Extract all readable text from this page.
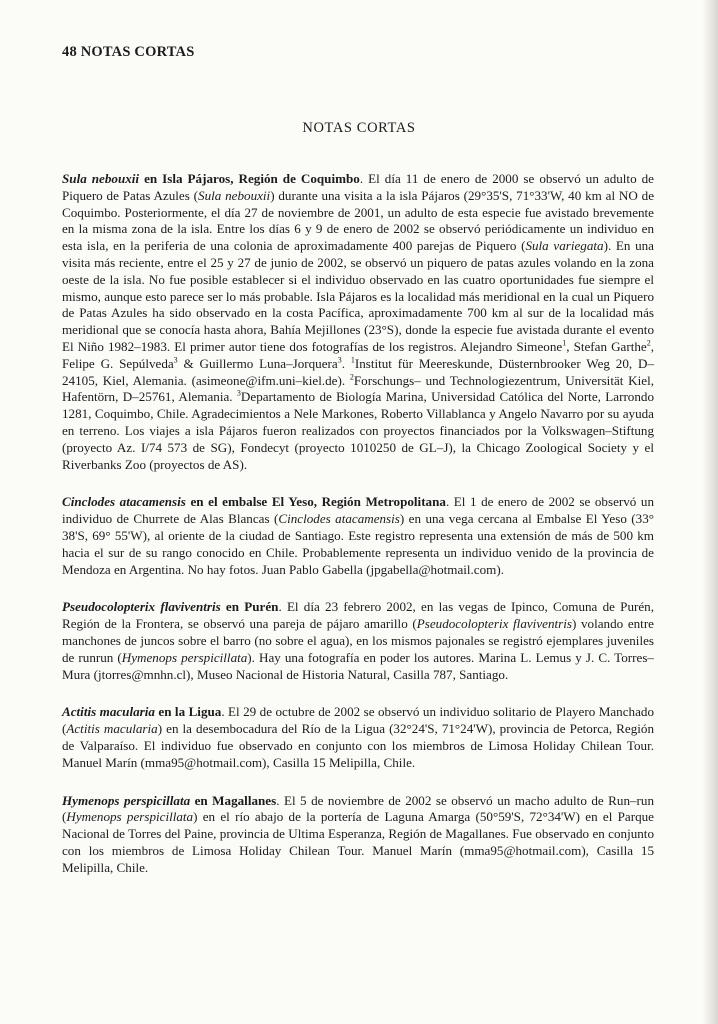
48 NOTAS CORTAS
NOTAS CORTAS

Sula nebouxii en Isla Pájaros, Región de Coquimbo. El día 11 de enero de 2000 se observó un adulto de Piquero de Patas Azules (Sula nebouxii) durante una visita a la isla Pájaros (29°35'S, 71°33'W, 40 km al NO de Coquimbo. Posteriormente, el día 27 de noviembre de 2001, un adulto de esta especie fue avistado brevemente en la misma zona de la isla. Entre los días 6 y 9 de enero de 2002 se observó periódicamente un individuo en esta isla, en la periferia de una colonia de aproximadamente 400 parejas de Piquero (Sula variegata). En una visita más reciente, entre el 25 y 27 de junio de 2002, se observó un piquero de patas azules volando en la zona oeste de la isla. No fue posible establecer si el individuo observado en las cuatro oportunidades fue siempre el mismo, aunque esto parece ser lo más probable. Isla Pájaros es la localidad más meridional en la cual un Piquero de Patas Azules ha sido observado en la costa Pacífica, aproximadamente 700 km al sur de la localidad más meridional que se conocía hasta ahora, Bahía Mejillones (23°S), donde la especie fue avistada durante el evento El Niño 1982–1983. El primer autor tiene dos fotografías de los registros. Alejandro Simeone$^1$, Stefan Garthe$^2$, Felipe G. Sepúlveda$^3$ & Guillermo Luna–Jorquera$^3$. $^1$Institut für Meereskunde, Düsternbrooker Weg 20, D–24105, Kiel, Alemania. (asimeone@ifm.uni–kiel.de). $^2$Forschungs– und Technologiezentrum, Universität Kiel, Hafentörn, D–25761, Alemania. $^3$Departamento de Biología Marina, Universidad Católica del Norte, Larrondo 1281, Coquimbo, Chile. Agradecimientos a Nele Markones, Roberto Villablanca y Angelo Navarro por su ayuda en terreno. Los viajes a isla Pájaros fueron realizados con proyectos financiados por la Volkswagen–Stiftung (proyecto Az. I/74 573 de SG), Fondecyt (proyecto 1010250 de GL–J), la Chicago Zoological Society y el Riverbanks Zoo (proyectos de AS).

Cinclodes atacamensis en el embalse El Yeso, Región Metropolitana. El 1 de enero de 2002 se observó un individuo de Churrete de Alas Blancas (Cinclodes atacamensis) en una vega cercana al Embalse El Yeso (33° 38'S, 69° 55'W), al oriente de la ciudad de Santiago. Este registro representa una extensión de más de 500 km hacia el sur de su rango conocido en Chile. Probablemente representa un individuo venido de la provincia de Mendoza en Argentina. No hay fotos. Juan Pablo Gabella (jpgabella@hotmail.com).

Pseudocolopterix flaviventris en Purén. El día 23 febrero 2002, en las vegas de Ipinco, Comuna de Purén, Región de la Frontera, se observó una pareja de pájaro amarillo (Pseudocolopterix flaviventris) volando entre manchones de juncos sobre el barro (no sobre el agua), en los mismos pajonales se registró ejemplares juveniles de runrun (Hymenops perspicillata). Hay una fotografía en poder los autores. Marina L. Lemus y J. C. Torres–Mura (jtorres@mnhn.cl), Museo Nacional de Historia Natural, Casilla 787, Santiago.

Actitis macularia en la Ligua. El 29 de octubre de 2002 se observó un individuo solitario de Playero Manchado (Actitis macularia) en la desembocadura del Río de la Ligua (32°24'S, 71°24'W), provincia de Petorca, Región de Valparaíso. El individuo fue observado en conjunto con los miembros de Limosa Holiday Chilean Tour. Manuel Marín (mma95@hotmail.com), Casilla 15 Melipilla, Chile.

Hymenops perspicillata en Magallanes. El 5 de noviembre de 2002 se observó un macho adulto de Run–run (Hymenops perspicillata) en el río abajo de la portería de Laguna Amarga (50°59'S, 72°34'W) en el Parque Nacional de Torres del Paine, provincia de Ultima Esperanza, Región de Magallanes. Fue observado en conjunto con los miembros de Limosa Holiday Chilean Tour. Manuel Marín (mma95@hotmail.com), Casilla 15 Melipilla, Chile.
